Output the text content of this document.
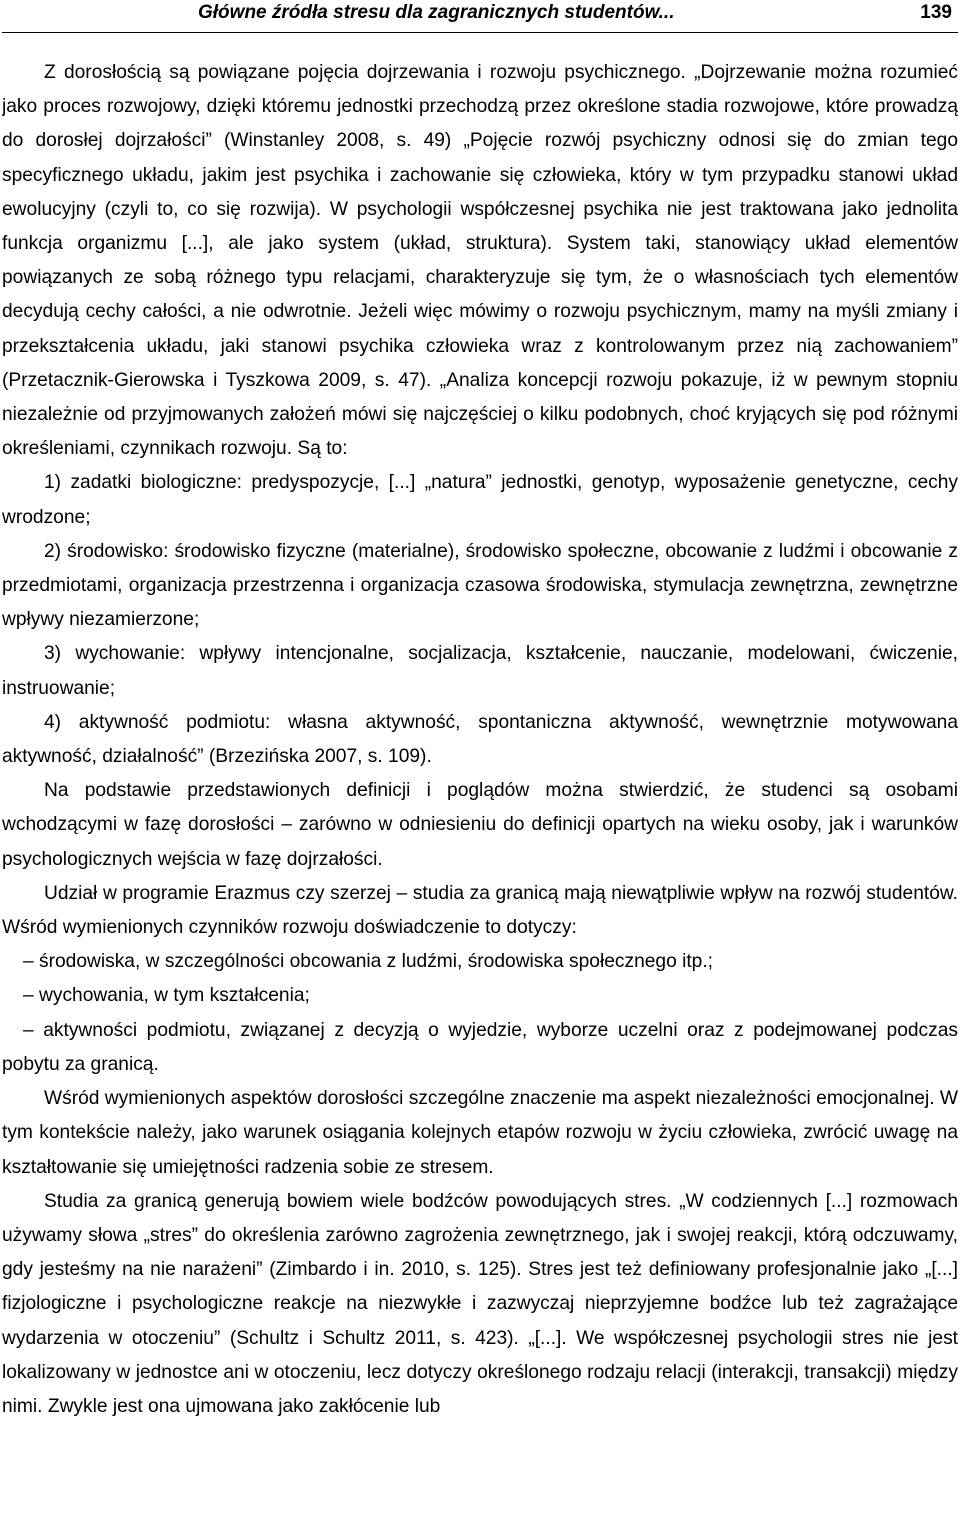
Główne źródła stresu dla zagranicznych studentów...	139

Z dorosłością są powiązane pojęcia dojrzewania i rozwoju psychicznego. „Dojrzewanie można rozumieć jako proces rozwojowy, dzięki któremu jednostki przechodzą przez określone stadia rozwojowe, które prowadzą do dorosłej dojrzałości” (Winstanley 2008, s. 49) „Pojęcie rozwój psychiczny odnosi się do zmian tego specyficznego układu, jakim jest psychika i zachowanie się człowieka, który w tym przypadku stanowi układ ewolucyjny (czyli to, co się rozwija). W psychologii współczesnej psychika nie jest traktowana jako jednolita funkcja organizmu [...], ale jako system (układ, struktura). System taki, stanowiący układ elementów powiązanych ze sobą różnego typu relacjami, charakteryzuje się tym, że o własnościach tych elementów decydują cechy całości, a nie odwrotnie. Jeżeli więc mówimy o rozwoju psychicznym, mamy na myśli zmiany i przekształcenia układu, jaki stanowi psychika człowieka wraz z kontrolowanym przez nią zachowaniem” (Przetacznik-Gierowska i Tyszkowa 2009, s. 47). „Analiza koncepcji rozwoju pokazuje, iż w pewnym stopniu niezależnie od przyjmowanych założeń mówi się najczęściej o kilku podobnych, choć kryjących się pod różnymi określeniami, czynnikach rozwoju. Są to:

1) zadatki biologiczne: predyspozycje, [...] „natura” jednostki, genotyp, wyposażenie genetyczne, cechy wrodzone;

2) środowisko: środowisko fizyczne (materialne), środowisko społeczne, obcowanie z ludźmi i obcowanie z przedmiotami, organizacja przestrzenna i organizacja czasowa środowiska, stymulacja zewnętrzna, zewnętrzne wpływy niezamierzone;

3) wychowanie: wpływy intencjonalne, socjalizacja, kształcenie, nauczanie, modelowani, ćwiczenie, instruowanie;

4) aktywność podmiotu: własna aktywność, spontaniczna aktywność, wewnętrznie motywowana aktywność, działalność” (Brzezińska 2007, s. 109).

Na podstawie przedstawionych definicji i poglądów można stwierdzić, że studenci są osobami wchodzącymi w fazę dorosłości – zarówno w odniesieniu do definicji opartych na wieku osoby, jak i warunków psychologicznych wejścia w fazę dojrzałości.

Udział w programie Erazmus czy szerzej – studia za granicą mają niewątpliwie wpływ na rozwój studentów. Wśród wymienionych czynników rozwoju doświadczenie to dotyczy:

– środowiska, w szczególności obcowania z ludźmi, środowiska społecznego itp.;

– wychowania, w tym kształcenia;

– aktywności podmiotu, związanej z decyzją o wyjedzie, wyborze uczelni oraz z podejmowanej podczas pobytu za granicą.

Wśród wymienionych aspektów dorosłości szczególne znaczenie ma aspekt niezależności emocjonalnej. W tym kontekście należy, jako warunek osiągania kolejnych etapów rozwoju w życiu człowieka, zwrócić uwagę na kształtowanie się umiejętności radzenia sobie ze stresem.

Studia za granicą generują bowiem wiele bodźców powodujących stres. „W codziennych [...] rozmowach używamy słowa „stres” do określenia zarówno zagrożenia zewnętrznego, jak i swojej reakcji, którą odczuwamy, gdy jesteśmy na nie narażeni” (Zimbardo i in. 2010, s. 125). Stres jest też definiowany profesjonalnie jako „[...] fizjologiczne i psychologiczne reakcje na niezwykłe i zazwyczaj nieprzyjemne bodźce lub też zagrażające wydarzenia w otoczeniu” (Schultz i Schultz 2011, s. 423). „[...]. We współczesnej psychologii stres nie jest lokalizowany w jednostce ani w otoczeniu, lecz dotyczy określonego rodzaju relacji (interakcji, transakcji) między nimi. Zwykle jest ona ujmowana jako zakłócenie lub
